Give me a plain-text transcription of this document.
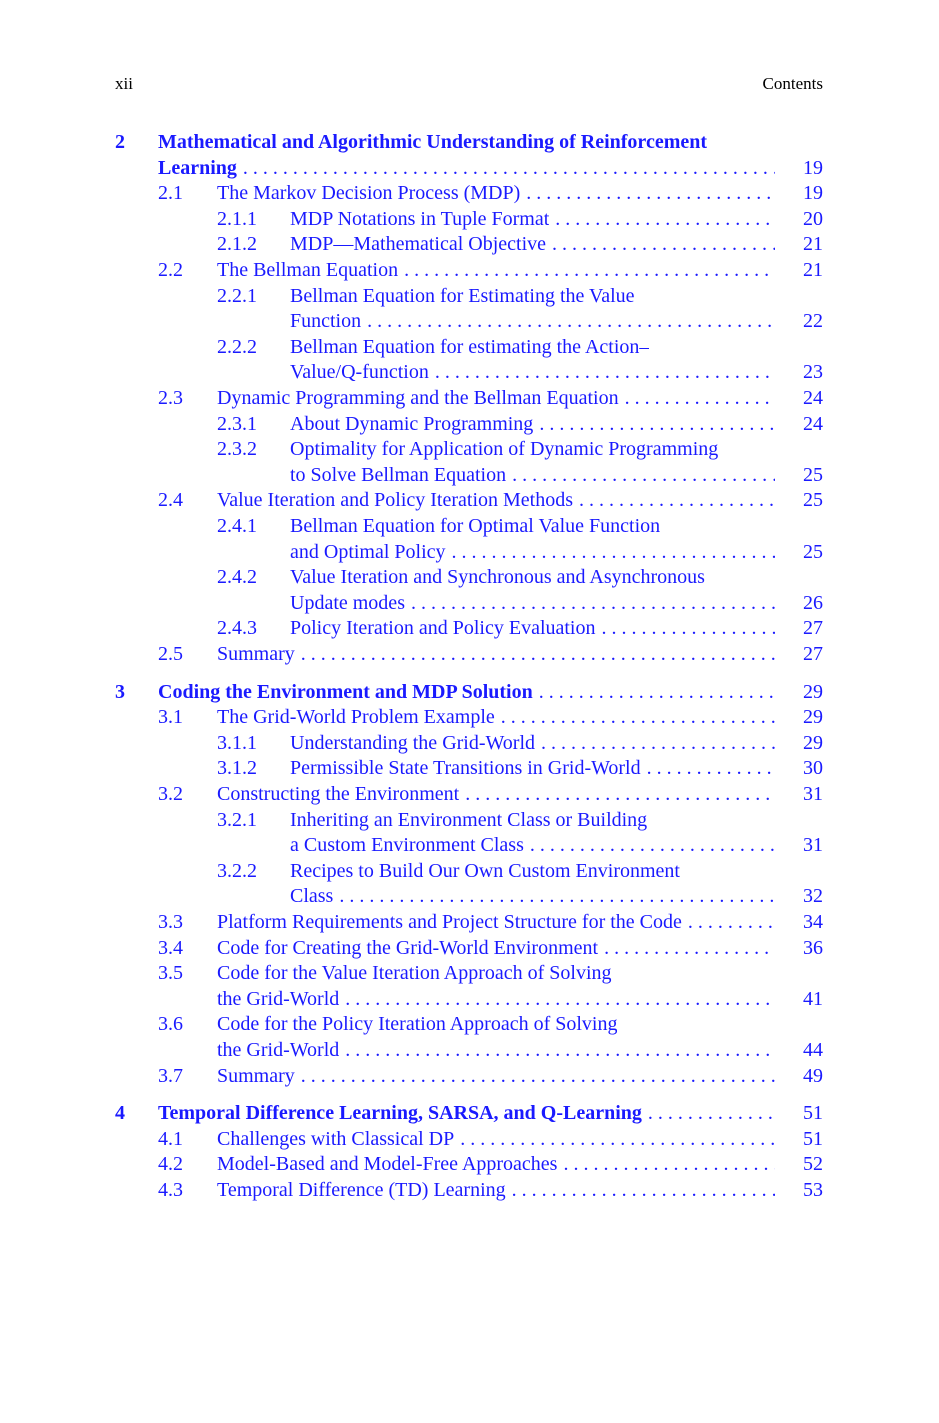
xii	Contents
2 Mathematical and Algorithmic Understanding of Reinforcement
Learning . . .	19
2.1 The Markov Decision Process (MDP) . . .	19
2.1.1 MDP Notations in Tuple Format . . .	20
2.1.2 MDP—Mathematical Objective . . .	21
2.2 The Bellman Equation . . .	21
2.2.1 Bellman Equation for Estimating the Value
Function . . .	22
2.2.2 Bellman Equation for estimating the Action–
Value/Q-function . . .	23
2.3 Dynamic Programming and the Bellman Equation . . .	24
2.3.1 About Dynamic Programming . . .	24
2.3.2 Optimality for Application of Dynamic Programming
to Solve Bellman Equation . . .	25
2.4 Value Iteration and Policy Iteration Methods . . .	25
2.4.1 Bellman Equation for Optimal Value Function
and Optimal Policy . . .	25
2.4.2 Value Iteration and Synchronous and Asynchronous
Update modes . . .	26
2.4.3 Policy Iteration and Policy Evaluation . . .	27
2.5 Summary . . .	27
3 Coding the Environment and MDP Solution . . .	29
3.1 The Grid-World Problem Example . . .	29
3.1.1 Understanding the Grid-World . . .	29
3.1.2 Permissible State Transitions in Grid-World . . .	30
3.2 Constructing the Environment . . .	31
3.2.1 Inheriting an Environment Class or Building
a Custom Environment Class . . .	31
3.2.2 Recipes to Build Our Own Custom Environment
Class . . .	32
3.3 Platform Requirements and Project Structure for the Code . . .	34
3.4 Code for Creating the Grid-World Environment . . .	36
3.5 Code for the Value Iteration Approach of Solving
the Grid-World . . .	41
3.6 Code for the Policy Iteration Approach of Solving
the Grid-World . . .	44
3.7 Summary . . .	49
4 Temporal Difference Learning, SARSA, and Q-Learning . . .	51
4.1 Challenges with Classical DP . . .	51
4.2 Model-Based and Model-Free Approaches . . .	52
4.3 Temporal Difference (TD) Learning . . .	53
